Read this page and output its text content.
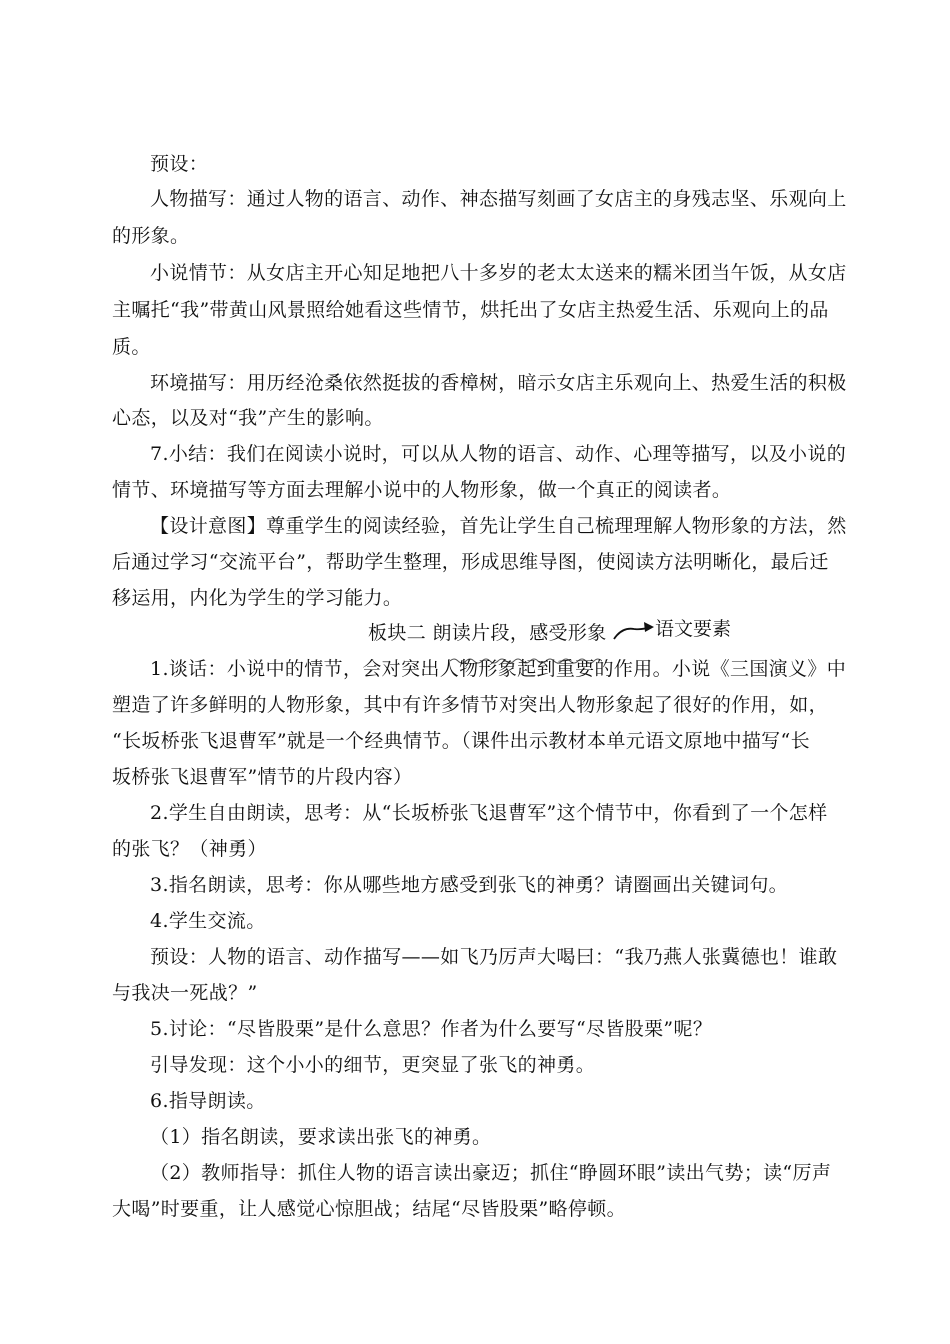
预设：
人物描写：通过人物的语言、动作、神态描写刻画了女店主的身残志坚、乐观向上
的形象。
小说情节：从女店主开心知足地把八十多岁的老太太送来的糯米团当午饭，从女店
主嘱托“我”带黄山风景照给她看这些情节，烘托出了女店主热爱生活、乐观向上的品
质。
环境描写：用历经沧桑依然挺拔的香樟树，暗示女店主乐观向上、热爱生活的积极
心态，以及对“我”产生的影响。
7.小结：我们在阅读小说时，可以从人物的语言、动作、心理等描写，以及小说的
情节、环境描写等方面去理解小说中的人物形象，做一个真正的阅读者。
【设计意图】尊重学生的阅读经验，首先让学生自己梳理理解人物形象的方法，然
后通过学习“交流平台”，帮助学生整理，形成思维导图，使阅读方法明晰化，最后迁
移运用，内化为学生的学习能力。
板块二 朗读片段，感受形象	语文要素
1.谈话：小说中的情节，会对突出人物形象起到重要的作用。小说《三国演义》中
塑造了许多鲜明的人物形象，其中有许多情节对突出人物形象起了很好的作用，如，
“长坂桥张飞退曹军”就是一个经典情节。（课件出示教材本单元语文原地中描写“长
坂桥张飞退曹军”情节的片段内容）
2.学生自由朗读，思考：从“长坂桥张飞退曹军”这个情节中，你看到了一个怎样
的张飞？（神勇）
3.指名朗读，思考：你从哪些地方感受到张飞的神勇？请圈画出关键词句。
4.学生交流。
预设：人物的语言、动作描写——如飞乃厉声大喝曰：“我乃燕人张冀德也！谁敢
与我决一死战？”
5.讨论：“尽皆股栗”是什么意思？作者为什么要写“尽皆股栗”呢？
引导发现：这个小小的细节，更突显了张飞的神勇。
6.指导朗读。
（1）指名朗读，要求读出张飞的神勇。
（2）教师指导：抓住人物的语言读出豪迈；抓住“睁圆环眼”读出气势；读“厉声
大喝”时要重，让人感觉心惊胆战；结尾“尽皆股栗”略停顿。
